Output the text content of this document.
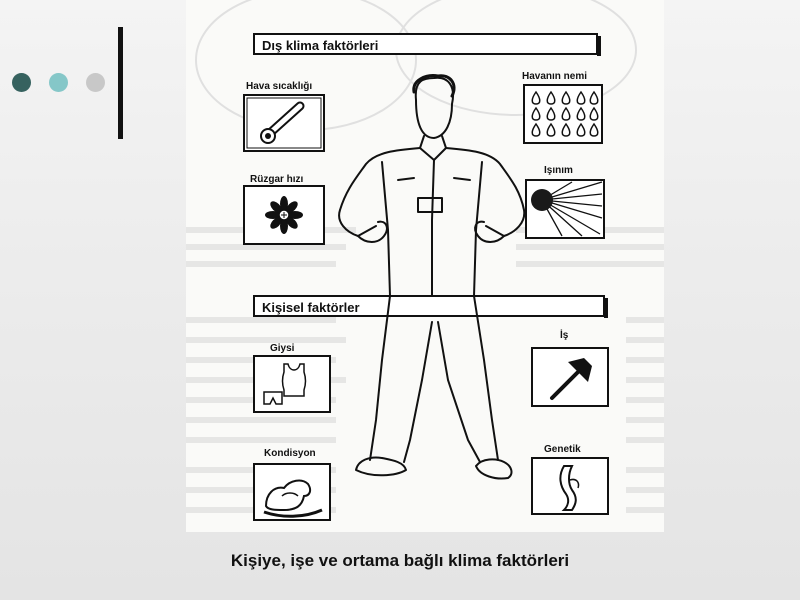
Dış klima faktörleri
Kişisel faktörler
Hava sıcaklığı
Havanın nemi
Rüzgar hızı
Işınım
Giysi
İş
Kondisyon	Genetik
Kişiye, işe ve ortama bağlı klima faktörleri
